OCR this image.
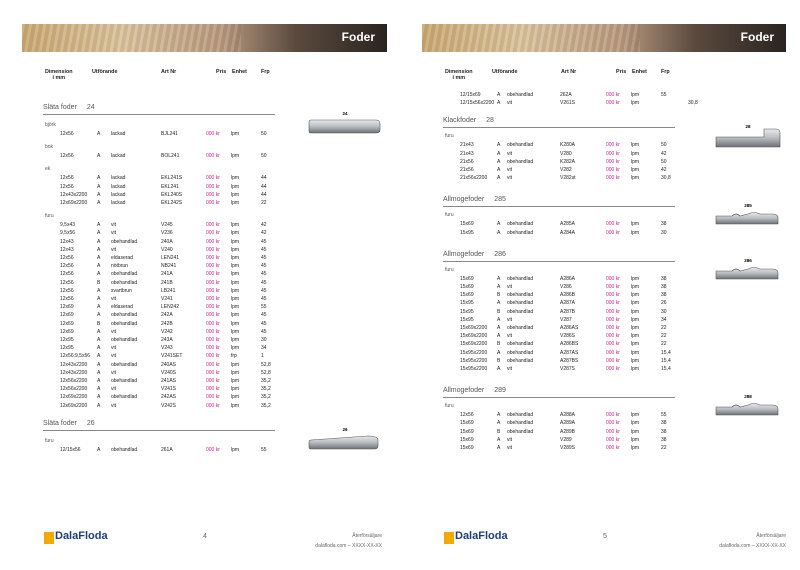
Foder
Dimension
i mm
Utförande	Art Nr	Pris Enhet	Frp
Släta foder 24
24
björk
12x56	A lackad	BJL241	000 kr lpm	50
bok
12x56	A lackad	BOL241	000 kr lpm	50
ek
12x56	A lackad	EKL241S	000 kr lpm	44
12x56	A lackad	EKL241	000 kr lpm	44
12x43x2200 A lackad	EKL240S	000 kr lpm	44
12x69x2200 A lackad	EKL242S	000 kr lpm	22
furu
9,5x43	A vit	V245	000 kr lpm	42
9,5x56	A vit	V236	000 kr lpm	42
12x43	A obehandlad	240A	000 kr lpm	45
12x43	A vit	V240	000 kr lpm	45
12x56	A eldaserad	LEN241	000 kr lpm	45
12x56	A nötbrun	NB241	000 kr lpm	45
12x56	A obehandlad	241A	000 kr lpm	45
12x56	B obehandlad	241B	000 kr lpm	45
12x56	A svartbrun	LB241	000 kr lpm	45
12x56	A vit	V241	000 kr lpm	45
12x69	A eldaserad	LEN242	000 kr lpm	55
12x69	A obehandlad	242A	000 kr lpm	45
12x69	B obehandlad	242B	000 kr lpm	45
12x69	A vit	V242	000 kr lpm	45
12x95	A obehandlad	243A	000 kr lpm	30
12x95	A vit	V243	000 kr lpm	34
12x56:9,5x56 A vit	V241SET	000 kr frp	1
12x43x2200 A obehandlad	240AS	000 kr lpm	52,8
12x43x2200 A vit	V240S	000 kr lpm	52,8
12x56x2200 A obehandlad	241AS	000 kr lpm	35,2
12x56x2200 A vit	V241S	000 kr lpm	35,2
12x69x2200 A obehandlad	242AS	000 kr lpm	35,2
12x69x2200 A vit	V242S	000 kr lpm	35,2
Släta foder 26
26
furu
12/15x56	A obehandlad	261A	000 kr lpm	55
DalaFloda	4	Återförsäljare
dalafloda.com – XXXX-XX-XX
Foder
Dimension
i mm
Utförande	Art Nr	Pris Enhet	Frp
12/15x69	A obehandlad	262A	000 kr lpm	55
12/15x56x2200 A vit	V261S	000 kr lpm	30,8
Klackfoder 28
28
furu
21x43	A obehandlad	K280A	000 kr lpm	50
21x43	A vit	V280	000 kr lpm	42
21x56	A obehandlad	K282A	000 kr lpm	50
21x56	A vit	V282	000 kr lpm	42
21x56x2200 A vit	V282st	000 kr lpm	30,8
Allmogefoder 285
285
furu
15x69	A obehandlad	A285A	000 kr lpm	38
15x95	A obehandlad	A284A	000 kr lpm	30
Allmogefoder 286
286
furu
15x69	A obehandlad	A286A	000 kr lpm	38
15x69	A vit	V286	000 kr lpm	38
15x69	B obehandlad	A286B	000 kr lpm	38
15x95	A obehandlad	A287A	000 kr lpm	26
15x95	B obehandlad	A287B	000 kr lpm	30
15x95	A vit	V287	000 kr lpm	34
15x69x2200 A obehandlad	A286AS	000 kr lpm	22
15x69x2200 A vit	V286S	000 kr lpm	22
15x69x2200 B obehandlad	A286BS	000 kr lpm	22
15x95x2200 A obehandlad	A287AS	000 kr lpm	15,4
15x95x2200 B obehandlad	A287BS	000 kr lpm	15,4
15x95x2200 A vit	V287S	000 kr lpm	15,4
Allmogefoder 289
288
furu
12x56	A obehandlad	A288A	000 kr lpm	55
15x69	A obehandlad	A289A	000 kr lpm	38
15x69	B obehandlad	A289B	000 kr lpm	38
15x69	A vit	V289	000 kr lpm	38
15x69	A vit	V289S	000 kr lpm	22
DalaFloda	5	Återförsäljare
dalafloda.com – XXXX-XX-XX
